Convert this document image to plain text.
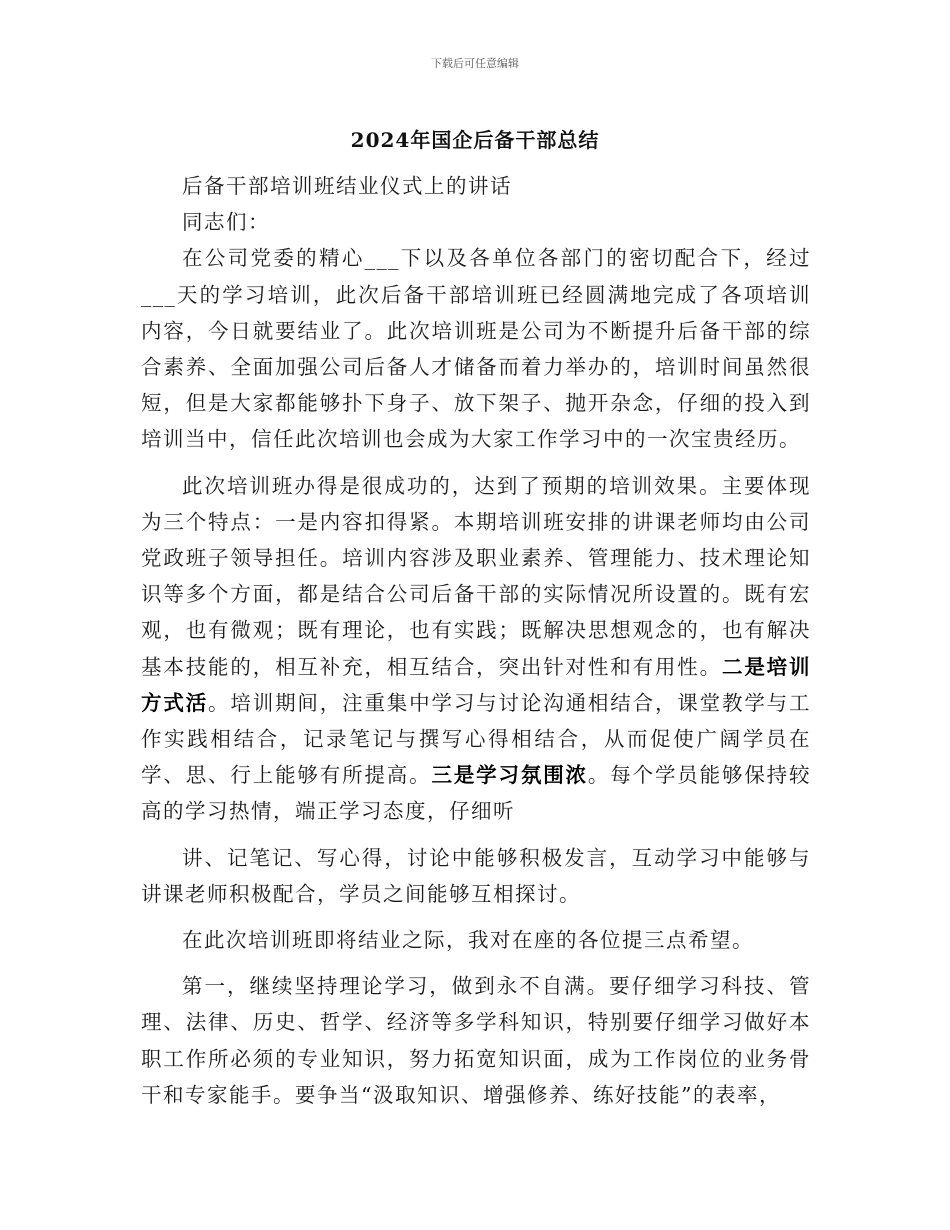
下载后可任意编辑
2024年国企后备干部总结

后备干部培训班结业仪式上的讲话

同志们：

在公司党委的精心___下以及各单位各部门的密切配合下，经过___天的学习培训，此次后备干部培训班已经圆满地完成了各项培训内容，今日就要结业了。此次培训班是公司为不断提升后备干部的综合素养、全面加强公司后备人才储备而着力举办的，培训时间虽然很短，但是大家都能够扑下身子、放下架子、抛开杂念，仔细的投入到培训当中，信任此次培训也会成为大家工作学习中的一次宝贵经历。

此次培训班办得是很成功的，达到了预期的培训效果。主要体现为三个特点：一是内容扣得紧。本期培训班安排的讲课老师均由公司党政班子领导担任。培训内容涉及职业素养、管理能力、技术理论知识等多个方面，都是结合公司后备干部的实际情况所设置的。既有宏观，也有微观；既有理论，也有实践；既解决思想观念的，也有解决基本技能的，相互补充，相互结合，突出针对性和有用性。二是培训方式活。培训期间，注重集中学习与讨论沟通相结合，课堂教学与工作实践相结合，记录笔记与撰写心得相结合，从而促使广阔学员在学、思、行上能够有所提高。三是学习氛围浓。每个学员能够保持较高的学习热情，端正学习态度，仔细听

讲、记笔记、写心得，讨论中能够积极发言，互动学习中能够与讲课老师积极配合，学员之间能够互相探讨。

在此次培训班即将结业之际，我对在座的各位提三点希望。

第一，继续坚持理论学习，做到永不自满。要仔细学习科技、管理、法律、历史、哲学、经济等多学科知识，特别要仔细学习做好本职工作所必须的专业知识，努力拓宽知识面，成为工作岗位的业务骨干和专家能手。要争当“汲取知识、增强修养、练好技能”的表率，
